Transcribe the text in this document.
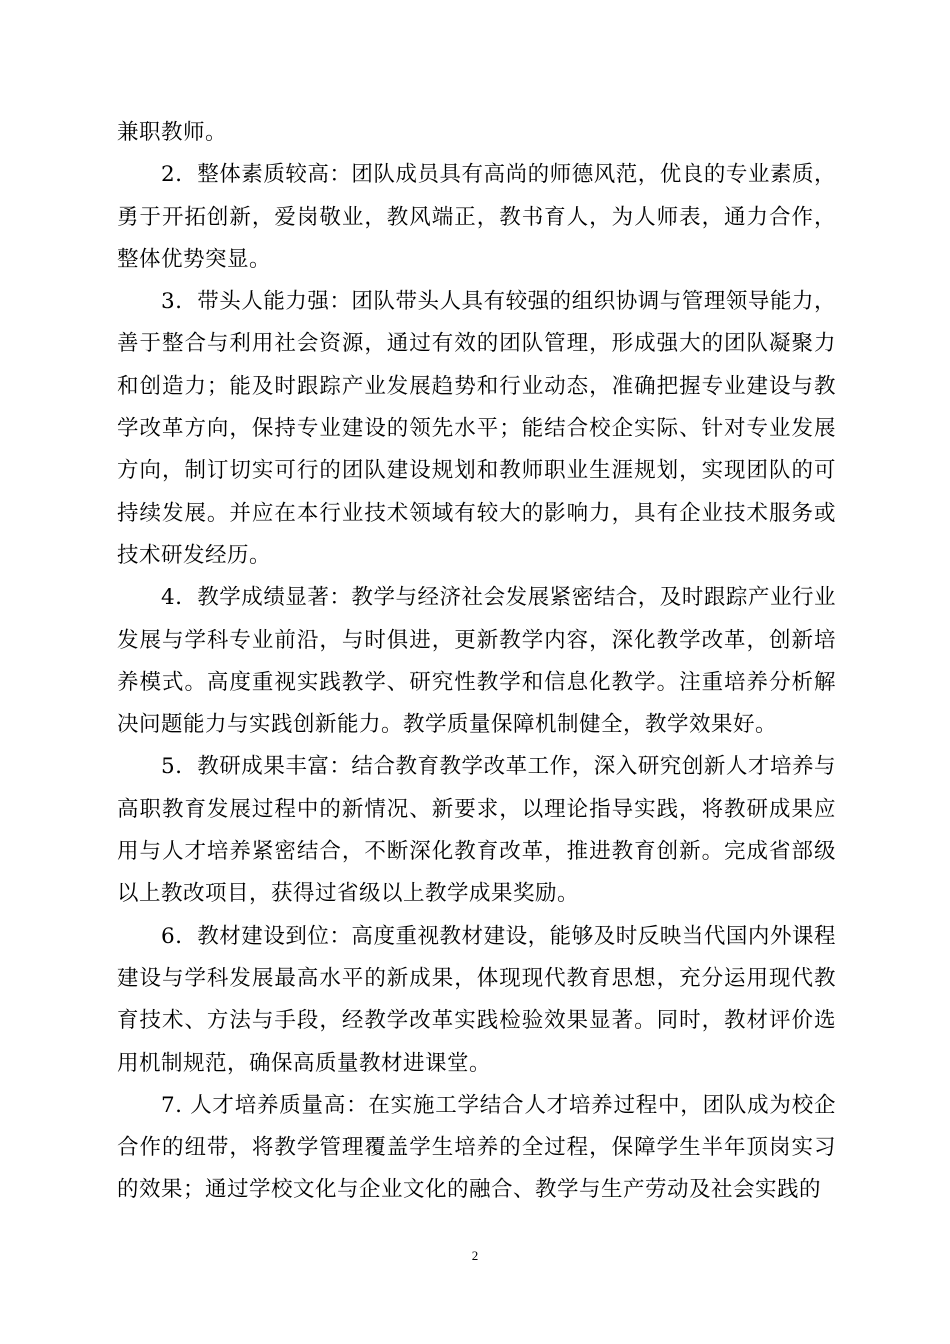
兼职教师。

2．整体素质较高：团队成员具有高尚的师德风范，优良的专业素质，勇于开拓创新，爱岗敬业，教风端正，教书育人，为人师表，通力合作，整体优势突显。

3．带头人能力强：团队带头人具有较强的组织协调与管理领导能力，善于整合与利用社会资源，通过有效的团队管理，形成强大的团队凝聚力和创造力；能及时跟踪产业发展趋势和行业动态，准确把握专业建设与教学改革方向，保持专业建设的领先水平；能结合校企实际、针对专业发展方向，制订切实可行的团队建设规划和教师职业生涯规划，实现团队的可持续发展。并应在本行业技术领域有较大的影响力，具有企业技术服务或技术研发经历。

4．教学成绩显著：教学与经济社会发展紧密结合，及时跟踪产业行业发展与学科专业前沿，与时俱进，更新教学内容，深化教学改革，创新培养模式。高度重视实践教学、研究性教学和信息化教学。注重培养分析解决问题能力与实践创新能力。教学质量保障机制健全，教学效果好。

5．教研成果丰富：结合教育教学改革工作，深入研究创新人才培养与高职教育发展过程中的新情况、新要求，以理论指导实践，将教研成果应用与人才培养紧密结合，不断深化教育改革，推进教育创新。完成省部级以上教改项目，获得过省级以上教学成果奖励。

6．教材建设到位：高度重视教材建设，能够及时反映当代国内外课程建设与学科发展最高水平的新成果，体现现代教育思想，充分运用现代教育技术、方法与手段，经教学改革实践检验效果显著。同时，教材评价选用机制规范，确保高质量教材进课堂。

7. 人才培养质量高：在实施工学结合人才培养过程中，团队成为校企合作的纽带，将教学管理覆盖学生培养的全过程，保障学生半年顶岗实习的效果；通过学校文化与企业文化的融合、教学与生产劳动及社会实践的

2
